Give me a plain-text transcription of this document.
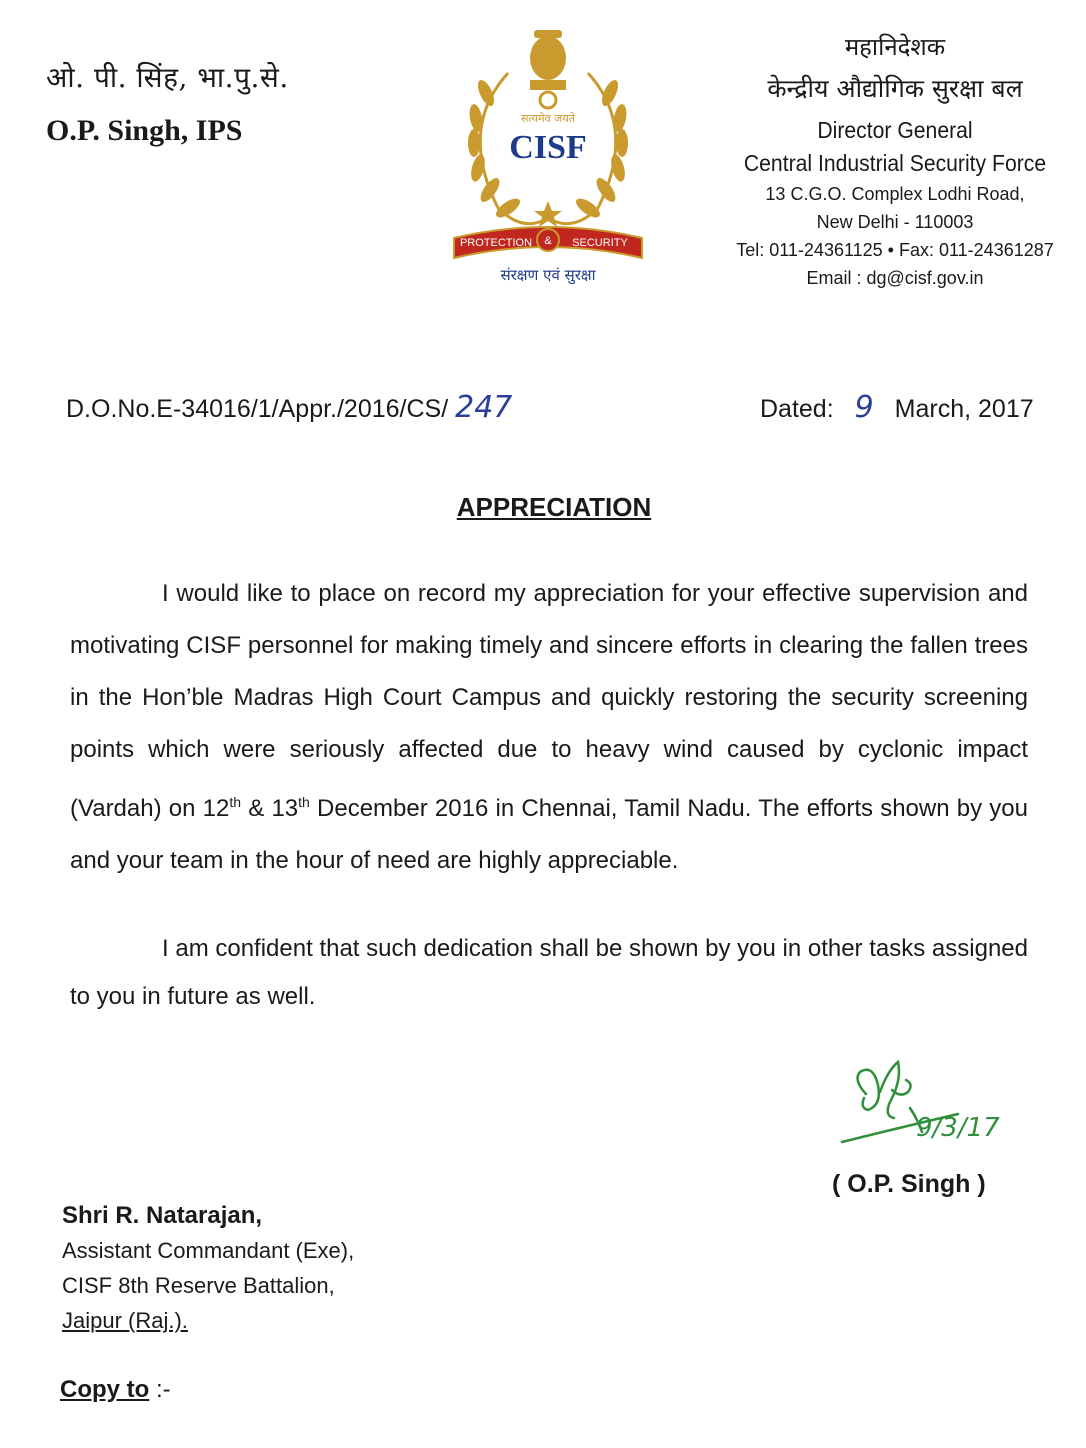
ओ. पी. सिंह, भा.पु.से.
O.P. Singh, IPS	सत्यमेव जयते
CISF
PROTECTION & SECURITY
संरक्षण एवं सुरक्षा
महानिदेशक
केन्द्रीय औद्योगिक सुरक्षा बल
Director General
Central Industrial Security Force
13 C.G.O. Complex Lodhi Road,
New Delhi - 110003
Tel: 011-24361125 • Fax: 011-24361287
Email : dg@cisf.gov.in
D.O.No.E-34016/1/Appr./2016/CS/ 247	Dated: 9 March, 2017
APPRECIATION
I would like to place on record my appreciation for your effective supervision and motivating CISF personnel for making timely and sincere efforts in clearing the fallen trees in the Hon’ble Madras High Court Campus and quickly restoring the security screening points which were seriously affected due to heavy wind caused by cyclonic impact (Vardah) on 12th & 13th December 2016 in Chennai, Tamil Nadu. The efforts shown by you and your team in the hour of need are highly appreciable.
I am confident that such dedication shall be shown by you in other tasks assigned to you in future as well.
9/3/17
( O.P. Singh )
Shri R. Natarajan,
Assistant Commandant (Exe),
CISF 8th Reserve Battalion,
Jaipur (Raj.).
Copy to :-
